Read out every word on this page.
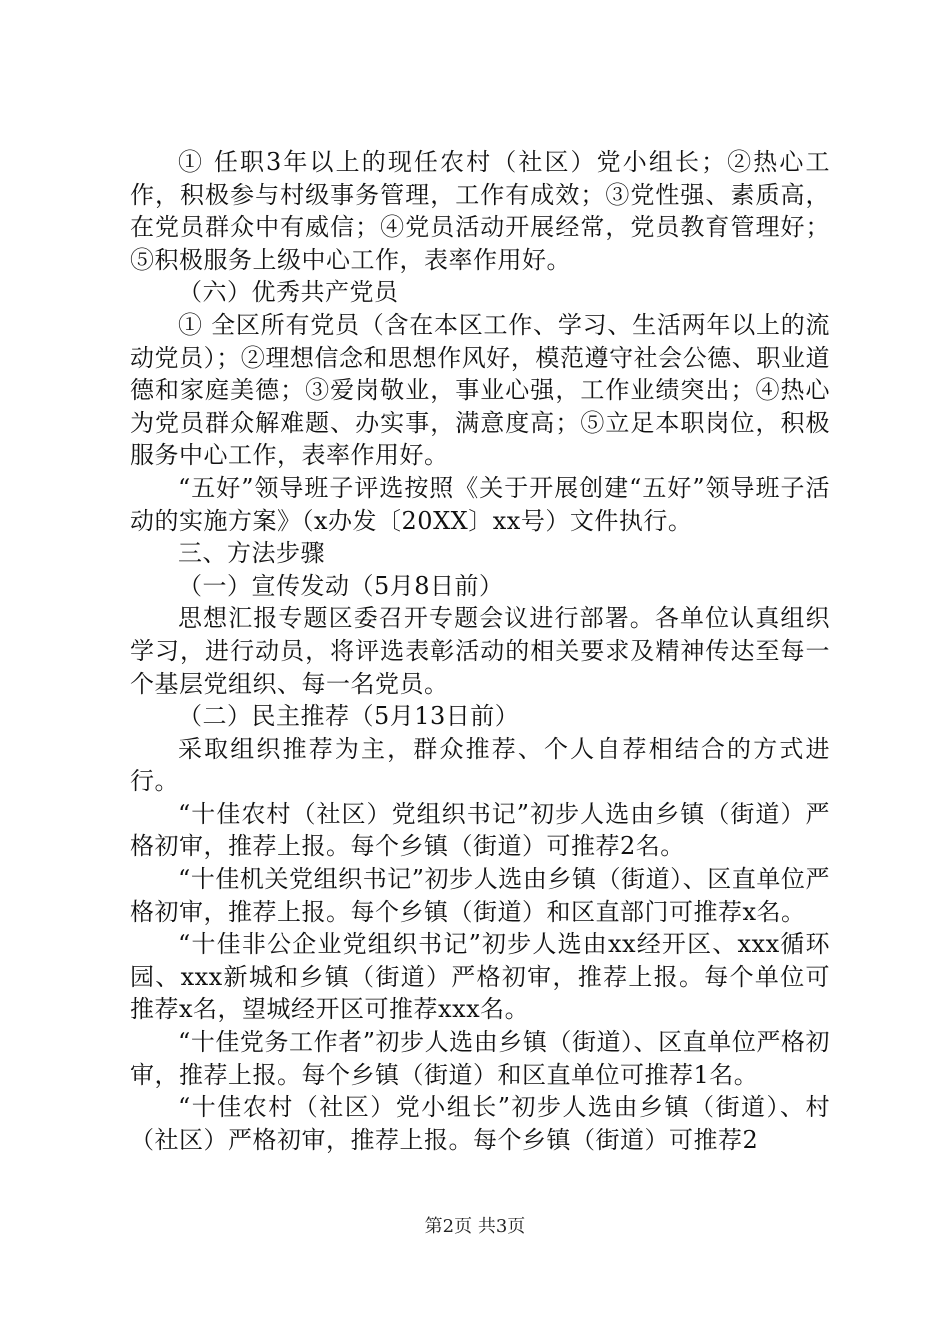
① 任职3年以上的现任农村（社区）党小组长；②热心工作，积极参与村级事务管理，工作有成效；③党性强、素质高，在党员群众中有威信；④党员活动开展经常，党员教育管理好；⑤积极服务上级中心工作，表率作用好。

（六）优秀共产党员

① 全区所有党员（含在本区工作、学习、生活两年以上的流动党员）；②理想信念和思想作风好，模范遵守社会公德、职业道德和家庭美德；③爱岗敬业，事业心强，工作业绩突出；④热心为党员群众解难题、办实事，满意度高；⑤立足本职岗位，积极服务中心工作，表率作用好。

“五好”领导班子评选按照《关于开展创建“五好”领导班子活动的实施方案》（x办发〔20XX〕xx号）文件执行。

三、方法步骤

（一）宣传发动（5月8日前）

思想汇报专题区委召开专题会议进行部署。各单位认真组织学习，进行动员，将评选表彰活动的相关要求及精神传达至每一个基层党组织、每一名党员。

（二）民主推荐（5月13日前）

采取组织推荐为主，群众推荐、个人自荐相结合的方式进行。

“十佳农村（社区）党组织书记”初步人选由乡镇（街道）严格初审，推荐上报。每个乡镇（街道）可推荐2名。

“十佳机关党组织书记”初步人选由乡镇（街道）、区直单位严格初审，推荐上报。每个乡镇（街道）和区直部门可推荐x名。

“十佳非公企业党组织书记”初步人选由xx经开区、xxx循环园、xxx新城和乡镇（街道）严格初审，推荐上报。每个单位可推荐x名，望城经开区可推荐xxx名。

“十佳党务工作者”初步人选由乡镇（街道）、区直单位严格初审，推荐上报。每个乡镇（街道）和区直单位可推荐1名。

“十佳农村（社区）党小组长”初步人选由乡镇（街道）、村（社区）严格初审，推荐上报。每个乡镇（街道）可推荐2

第2页 共3页
